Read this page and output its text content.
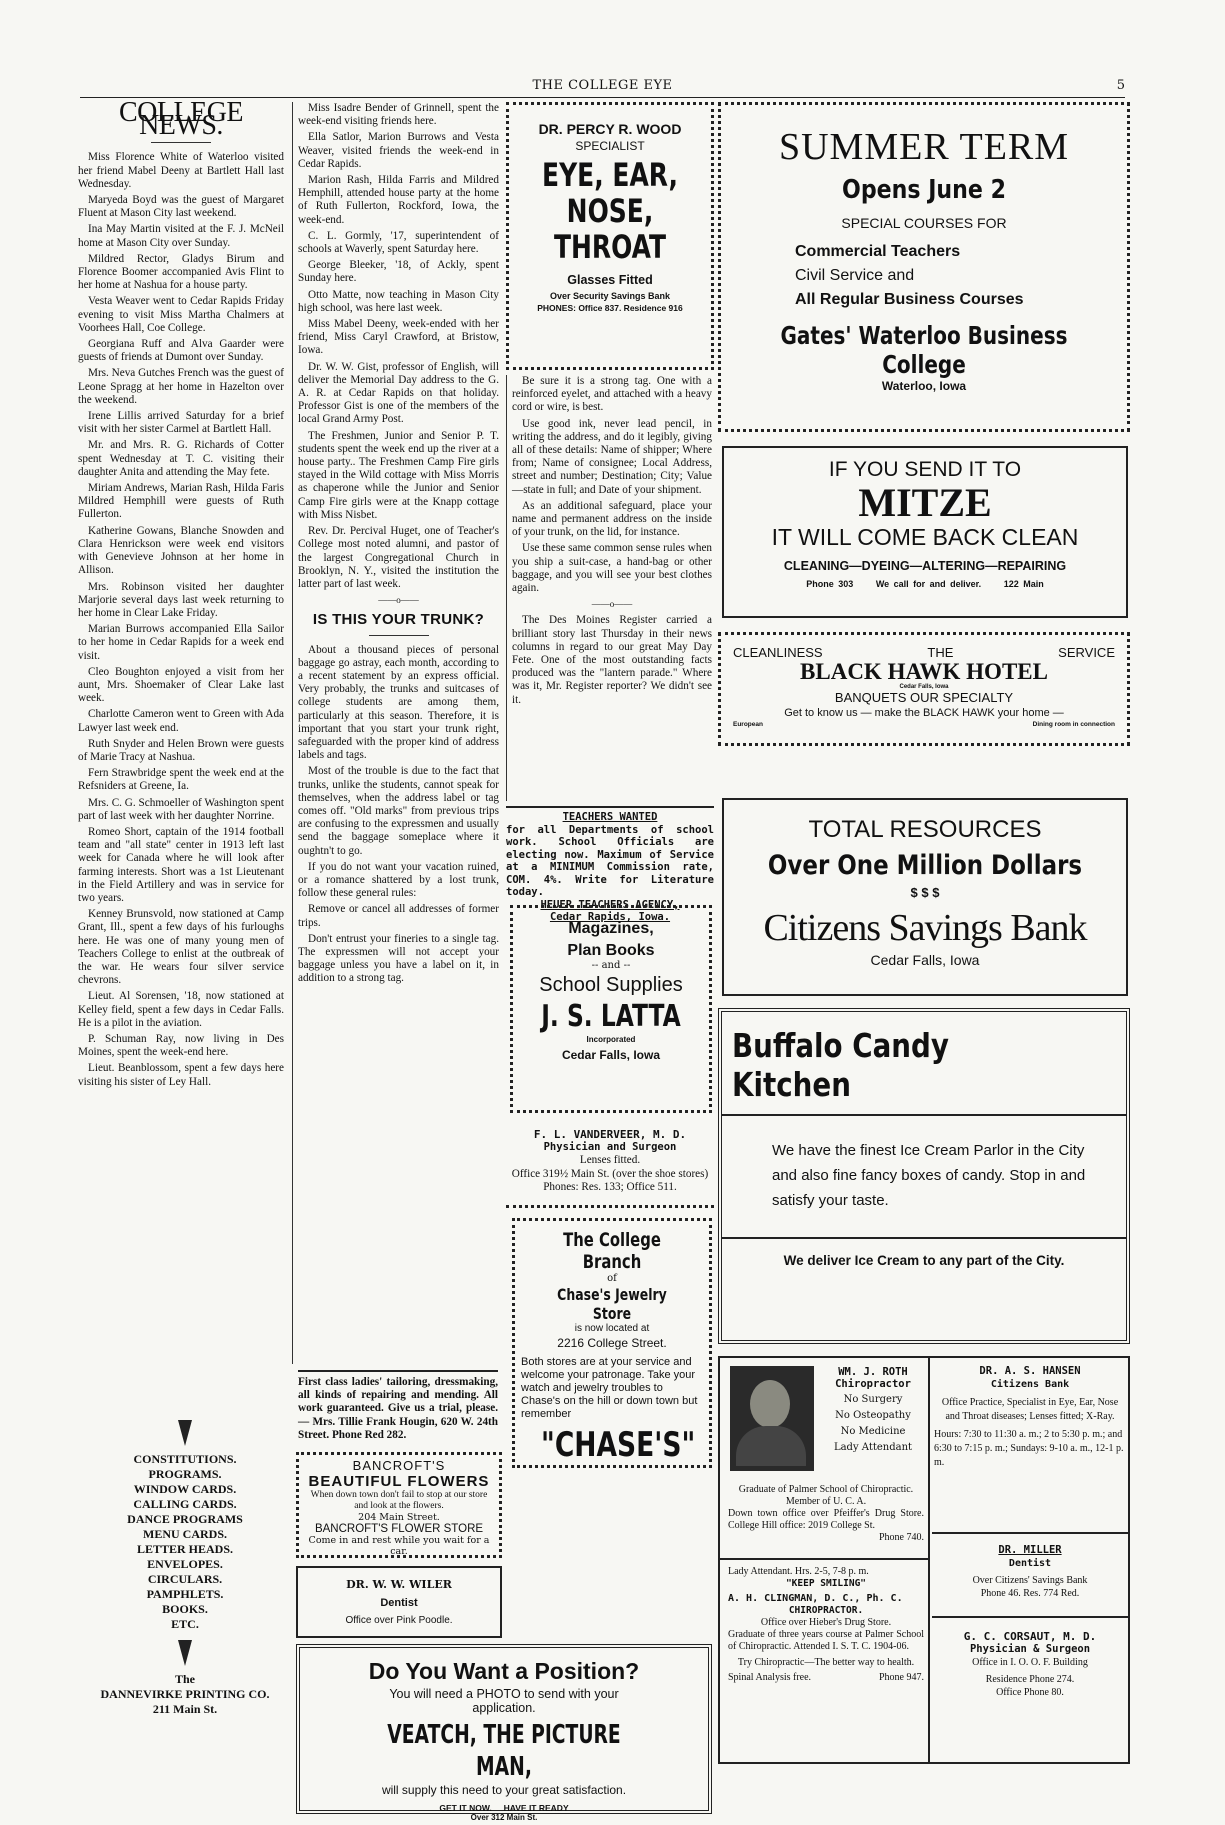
THE COLLEGE EYE	5
COLLEGE NEWS.

Miss Florence White of Waterloo visited her friend Mabel Deeny at Bartlett Hall last Wednesday.

Maryeda Boyd was the guest of Margaret Fluent at Mason City last weekend.

Ina May Martin visited at the F. J. McNeil home at Mason City over Sunday.

Mildred Rector, Gladys Birum and Florence Boomer accompanied Avis Flint to her home at Nashua for a house party.

Vesta Weaver went to Cedar Rapids Friday evening to visit Miss Martha Chalmers at Voorhees Hall, Coe College.

Georgiana Ruff and Alva Gaarder were guests of friends at Dumont over Sunday.

Mrs. Neva Gutches French was the guest of Leone Spragg at her home in Hazelton over the weekend.

Irene Lillis arrived Saturday for a brief visit with her sister Carmel at Bartlett Hall.

Mr. and Mrs. R. G. Richards of Cotter spent Wednesday at T. C. visiting their daughter Anita and attending the May fete.

Miriam Andrews, Marian Rash, Hilda Faris Mildred Hemphill were guests of Ruth Fullerton.

Katherine Gowans, Blanche Snowden and Clara Henrickson were week end visitors with Genevieve Johnson at her home in Allison.

Mrs. Robinson visited her daughter Marjorie several days last week returning to her home in Clear Lake Friday.

Marian Burrows accompanied Ella Sailor to her home in Cedar Rapids for a week end visit.

Cleo Boughton enjoyed a visit from her aunt, Mrs. Shoemaker of Clear Lake last week.

Charlotte Cameron went to Green with Ada Lawyer last week end.

Ruth Snyder and Helen Brown were guests of Marie Tracy at Nashua.

Fern Strawbridge spent the week end at the Refsniders at Greene, Ia.

Mrs. C. G. Schmoeller of Washington spent part of last week with her daughter Norrine.

Romeo Short, captain of the 1914 football team and "all state" center in 1913 left last week for Canada where he will look after farming interests. Short was a 1st Lieutenant in the Field Artillery and was in service for two years.

Kenney Brunsvold, now stationed at Camp Grant, Ill., spent a few days of his furloughs here. He was one of many young men of Teachers College to enlist at the outbreak of the war. He wears four silver service chevrons.

Lieut. Al Sorensen, '18, now stationed at Kelley field, spent a few days in Cedar Falls. He is a pilot in the aviation.

P. Schuman Ray, now living in Des Moines, spent the week-end here.

Lieut. Beanblossom, spent a few days here visiting his sister of Ley Hall.

CONSTITUTIONS.
PROGRAMS.
WINDOW CARDS.
CALLING CARDS.
DANCE PROGRAMS
MENU CARDS.
LETTER HEADS.
ENVELOPES.
CIRCULARS.
PAMPHLETS.
BOOKS.
ETC.
The
DANNEVIRKE PRINTING CO.
211 Main St.

Miss Isadre Bender of Grinnell, spent the week-end visiting friends here.

Ella Satlor, Marion Burrows and Vesta Weaver, visited friends the week-end in Cedar Rapids.

Marion Rash, Hilda Farris and Mildred Hemphill, attended house party at the home of Ruth Fullerton, Rockford, Iowa, the week-end.

C. L. Gormly, '17, superintendent of schools at Waverly, spent Saturday here.

George Bleeker, '18, of Ackly, spent Sunday here.

Otto Matte, now teaching in Mason City high school, was here last week.

Miss Mabel Deeny, week-ended with her friend, Miss Caryl Crawford, at Bristow, Iowa.

Dr. W. W. Gist, professor of English, will deliver the Memorial Day address to the G. A. R. at Cedar Rapids on that holiday. Professor Gist is one of the members of the local Grand Army Post.

The Freshmen, Junior and Senior P. T. students spent the week end up the river at a house party.. The Freshmen Camp Fire girls stayed in the Wild cottage with Miss Morris as chaperone while the Junior and Senior Camp Fire girls were at the Knapp cottage with Miss Nisbet.

Rev. Dr. Percival Huget, one of Teacher's College most noted alumni, and pastor of the largest Congregational Church in Brooklyn, N. Y., visited the institution the latter part of last week.

——o——
IS THIS YOUR TRUNK?

About a thousand pieces of personal baggage go astray, each month, according to a recent statement by an express official. Very probably, the trunks and suitcases of college students are among them, particularly at this season. Therefore, it is important that you start your trunk right, safeguarded with the proper kind of address labels and tags.

Most of the trouble is due to the fact that trunks, unlike the students, cannot speak for themselves, when the address label or tag comes off. "Old marks" from previous trips are confusing to the expressmen and usually send the baggage someplace where it oughtn't to go.

If you do not want your vacation ruined, or a romance shattered by a lost trunk, follow these general rules:

Remove or cancel all addresses of former trips.

Don't entrust your fineries to a single tag. The expressmen will not accept your baggage unless you have a label on it, in addition to a strong tag.

First class ladies' tailoring, dressmaking, all kinds of repairing and mending. All work guaranteed. Give us a trial, please.— Mrs. Tillie Frank Hougin, 620 W. 24th Street. Phone Red 282.
BANCROFT'S
BEAUTIFUL FLOWERS
When down town don't fail to stop at our store and look at the flowers.
204 Main Street.
BANCROFT'S FLOWER STORE
Come in and rest while you wait for a car.
DR. W. W. WILER
Dentist
Office over Pink Poodle.
DR. PERCY R. WOOD
SPECIALIST
EYE, EAR,
NOSE,
THROAT
Glasses Fitted
Over Security Savings Bank
PHONES: Office 837. Residence 916

Be sure it is a strong tag. One with a reinforced eyelet, and attached with a heavy cord or wire, is best.

Use good ink, never lead pencil, in writing the address, and do it legibly, giving all of these details: Name of shipper; Where from; Name of consignee; Local Address, street and number; Destination; City; Value—state in full; and Date of your shipment.

As an additional safeguard, place your name and permanent address on the inside of your trunk, on the lid, for instance.

Use these same common sense rules when you ship a suit-case, a hand-bag or other baggage, and you will see your best clothes again.

——o——

The Des Moines Register carried a brilliant story last Thursday in their news columns in regard to our great May Day Fete. One of the most outstanding facts produced was the "lantern parade." Where was it, Mr. Register reporter? We didn't see it.

TEACHERS WANTED
for all Departments of school work. School Officials are electing now. Maximum of Service at a MINIMUM Commission rate, COM. 4%. Write for Literature today.
HEUER TEACHERS AGENCY,
Cedar Rapids, Iowa.
Magazines,
Plan Books
-- and --
School Supplies
J. S. LATTA
Incorporated
Cedar Falls, Iowa
F. L. VANDERVEER, M. D.
Physician and Surgeon
Lenses fitted.
Office 319½ Main St. (over the shoe stores)
Phones: Res. 133; Office 511.
The College Branch
of
Chase's Jewelry Store
is now located at
2216 College Street.
Both stores are at your service and welcome your patronage. Take your watch and jewelry troubles to Chase's on the hill or down town but remember
"CHASE'S"
SUMMER TERM
Opens June 2
SPECIAL COURSES FOR
Commercial Teachers
Civil Service and
All Regular Business Courses
Gates' Waterloo Business College
Waterloo, Iowa
IF YOU SEND IT TO
MITZE
IT WILL COME BACK CLEAN
CLEANING—DYEING—ALTERING—REPAIRING
Phone 303	We call for and deliver.	122 Main
CLEANLINESS	THE	SERVICE
BLACK HAWK HOTEL
Cedar Falls, Iowa
BANQUETS OUR SPECIALTY
Get to know us — make the BLACK HAWK your home —
European	Dining room in connection
TOTAL RESOURCES
Over One Million Dollars
$ $ $
Citizens Savings Bank
Cedar Falls, Iowa
Buffalo Candy Kitchen
We have the finest Ice Cream Parlor in the City and also fine fancy boxes of candy. Stop in and satisfy your taste.
We deliver Ice Cream to any part of the City.
WM. J. ROTH
Chiropractor
No Surgery
No Osteopathy
No Medicine
Lady Attendant
Graduate of Palmer School of Chiropractic.
Member of U. C. A.
Down town office over Pfeiffer's Drug Store. College Hill office: 2019 College St.
Phone 740.
Lady Attendant. Hrs. 2-5, 7-8 p. m.
"KEEP SMILING"
A. H. CLINGMAN, D. C., Ph. C.
CHIROPRACTOR.
Office over Hieber's Drug Store.
Graduate of three years course at Palmer School of Chiropractic. Attended I. S. T. C. 1904-06.
Try Chiropractic—The better way to health.
Spinal Analysis free.	Phone 947.
DR. A. S. HANSEN
Citizens Bank
Office Practice, Specialist in Eye, Ear, Nose and Throat diseases; Lenses fitted; X-Ray.
Hours: 7:30 to 11:30 a. m.; 2 to 5:30 p. m.; and 6:30 to 7:15 p. m.; Sundays: 9-10 a. m., 12-1 p. m.
DR. MILLER
Dentist
Over Citizens' Savings Bank
Phone 46. Res. 774 Red.
G. C. CORSAUT, M. D.
Physician & Surgeon
Office in I. O. O. F. Building
Residence Phone 274.
Office Phone 80.
Do You Want a Position?
You will need a PHOTO to send with your application.
VEATCH, THE PICTURE MAN,
will supply this need to your great satisfaction.
GET IT NOW. HAVE IT READY
Over 312 Main St.
